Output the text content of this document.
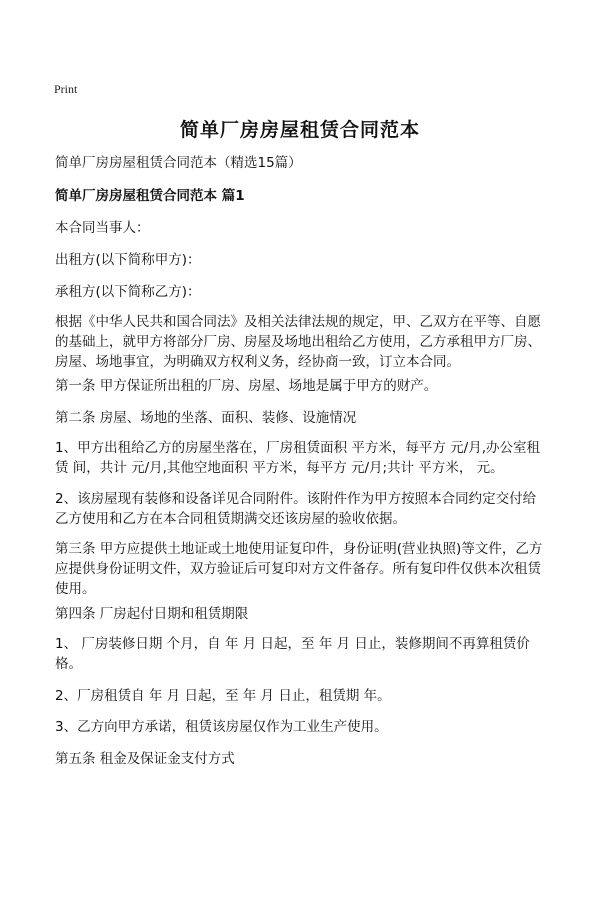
Print
简单厂房房屋租赁合同范本
简单厂房房屋租赁合同范本（精选15篇）
简单厂房房屋租赁合同范本 篇1
本合同当事人：
出租方(以下简称甲方)：
承租方(以下简称乙方)：
根据《中华人民共和国合同法》及相关法律法规的规定，甲、乙双方在平等、自愿的基础上，就甲方将部分厂房、房屋及场地出租给乙方使用，乙方承租甲方厂房、房屋、场地事宜，为明确双方权利义务，经协商一致，订立本合同。
第一条 甲方保证所出租的厂房、房屋、场地是属于甲方的财产。
第二条 房屋、场地的坐落、面积、装修、设施情况
1、甲方出租给乙方的房屋坐落在，厂房租赁面积 平方米，每平方 元/月,办公室租赁 间，共计 元/月,其他空地面积 平方米，每平方 元/月;共计 平方米， 元。
2、该房屋现有装修和设备详见合同附件。该附件作为甲方按照本合同约定交付给乙方使用和乙方在本合同租赁期满交还该房屋的验收依据。
第三条 甲方应提供土地证或土地使用证复印件，身份证明(营业执照)等文件，乙方应提供身份证明文件，双方验证后可复印对方文件备存。所有复印件仅供本次租赁使用。
第四条 厂房起付日期和租赁期限
1、 厂房装修日期 个月，自 年 月 日起，至 年 月 日止，装修期间不再算租赁价格。
2、厂房租赁自 年 月 日起，至 年 月 日止，租赁期 年。
3、乙方向甲方承诺，租赁该房屋仅作为工业生产使用。
第五条 租金及保证金支付方式
